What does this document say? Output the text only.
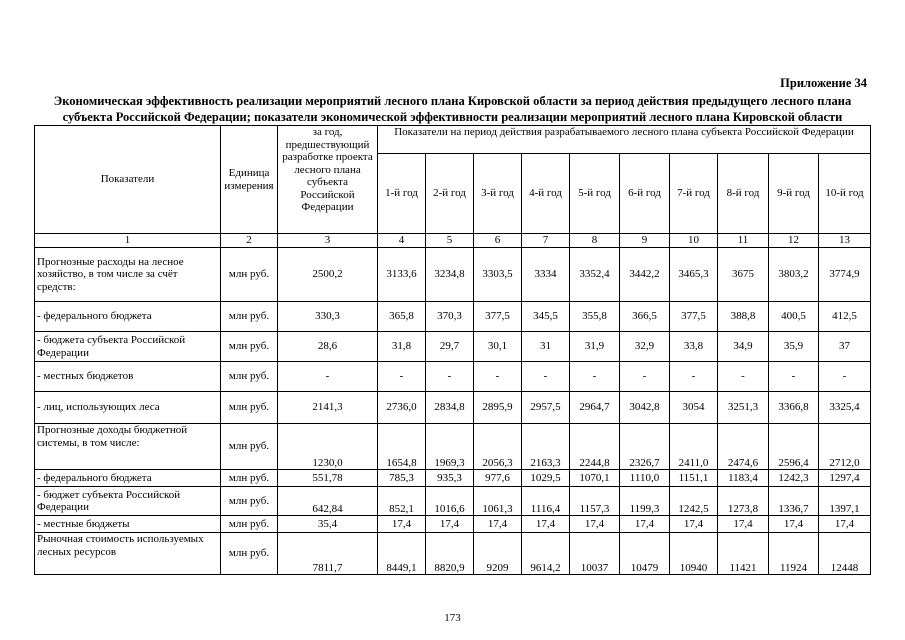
Приложение 34
Экономическая эффективность реализации мероприятий лесного плана Кировской области за период действия предыдущего лесного плана
субъекта Российской Федерации; показатели экономической эффективности реализации мероприятий лесного плана Кировской области
Показатели	Единица измерения	за год, предшествующий разработке проекта лесного плана субъекта Российской Федерации	Показатели на период действия разрабатываемого лесного плана субъекта Российской Федерации									
			1-й год	2-й год	3-й год	4-й год	5-й год	6-й год	7-й год	8-й год	9-й год	10-й год
1	2	3	4	5	6	7	8	9	10	11	12	13
Прогнозные расходы на лесное хозяйство, в том числе за счёт средств:	млн руб.	2500,2	3133,6	3234,8	3303,5	3334	3352,4	3442,2	3465,3	3675	3803,2	3774,9
- федерального бюджета	млн руб.	330,3	365,8	370,3	377,5	345,5	355,8	366,5	377,5	388,8	400,5	412,5
- бюджета субъекта Российской Федерации	млн руб.	28,6	31,8	29,7	30,1	31	31,9	32,9	33,8	34,9	35,9	37
- местных бюджетов	млн руб.	-	-	-	-	-	-	-	-	-	-	-
- лиц, использующих леса	млн руб.	2141,3	2736,0	2834,8	2895,9	2957,5	2964,7	3042,8	3054	3251,3	3366,8	3325,4
Прогнозные доходы бюджетной системы, в том числе:	млн руб.	1230,0	1654,8	1969,3	2056,3	2163,3	2244,8	2326,7	2411,0	2474,6	2596,4	2712,0
- федерального бюджета	млн руб.	551,78	785,3	935,3	977,6	1029,5	1070,1	1110,0	1151,1	1183,4	1242,3	1297,4
- бюджет субъекта Российской Федерации	млн руб.	642,84	852,1	1016,6	1061,3	1116,4	1157,3	1199,3	1242,5	1273,8	1336,7	1397,1
- местные бюджеты	млн руб.	35,4	17,4	17,4	17,4	17,4	17,4	17,4	17,4	17,4	17,4	17,4
Рыночная стоимость используемых лесных ресурсов	млн руб.	7811,7	8449,1	8820,9	9209	9614,2	10037	10479	10940	11421	11924	12448
173
